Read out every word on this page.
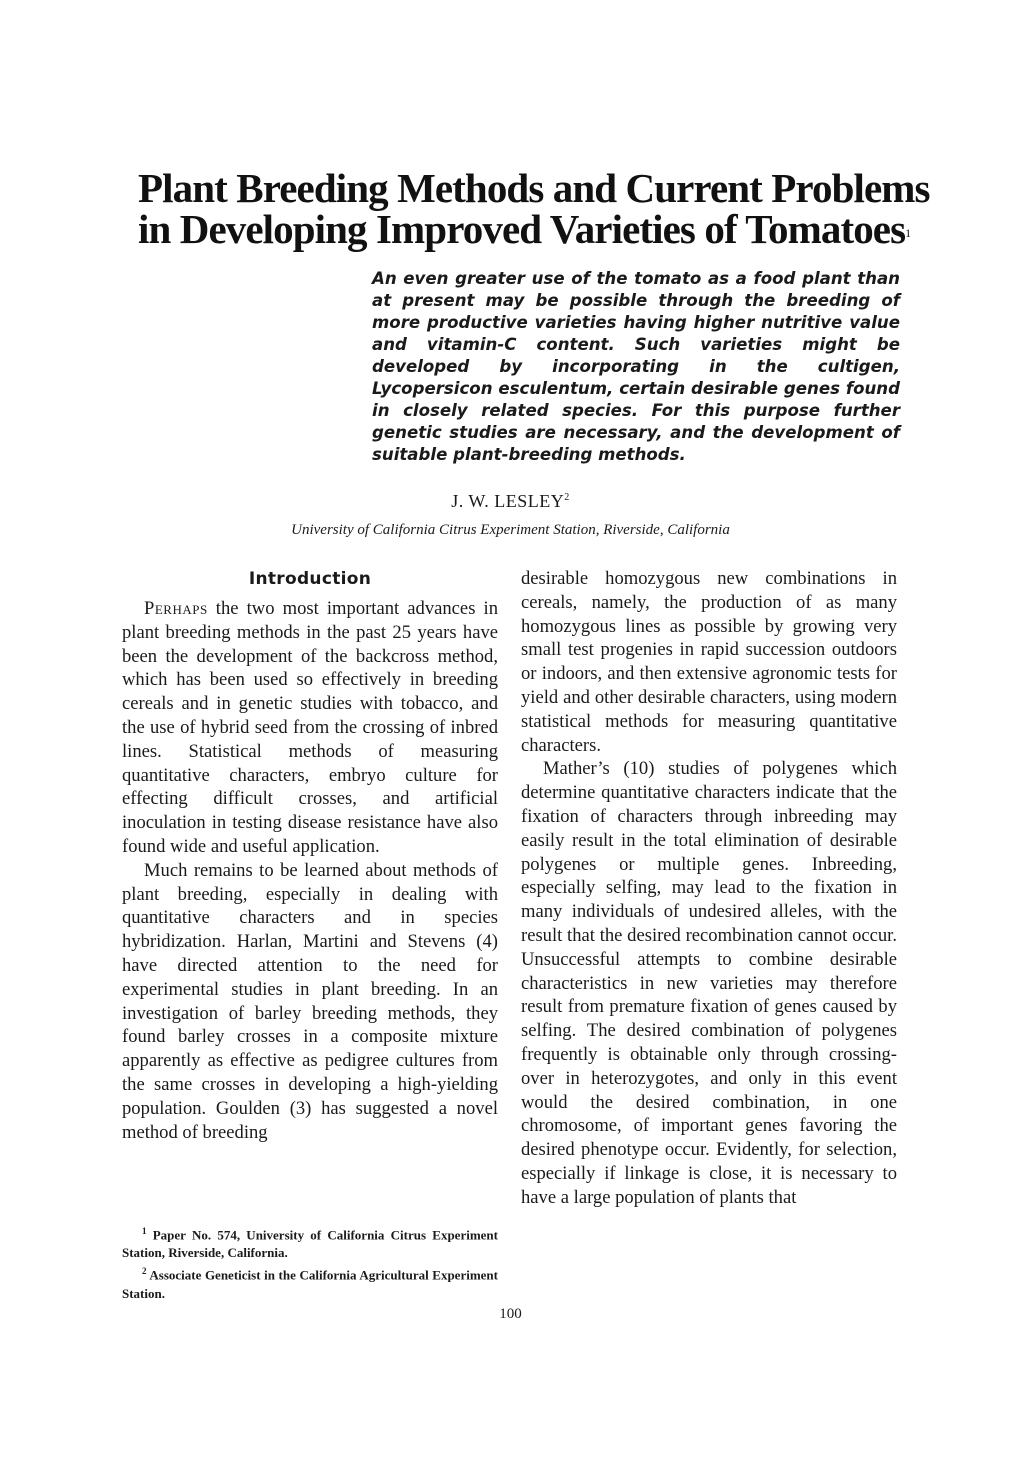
Plant Breeding Methods and Current Problems
in Developing Improved Varieties of Tomatoes$^1$

An even greater use of the tomato as a food plant than at present may be possible through the breeding of more productive varieties having higher nutritive value and vitamin-C content. Such varieties might be developed by incorporating in the cultigen, Lycopersicon esculentum, certain desirable genes found in closely related species. For this purpose further genetic studies are necessary, and the development of suitable plant-breeding methods.

J. W. LESLEY$^2$

University of California Citrus Experiment Station, Riverside, California

Introduction

Perhaps the two most important advances in plant breeding methods in the past 25 years have been the development of the backcross method, which has been used so effectively in breeding cereals and in genetic studies with tobacco, and the use of hybrid seed from the crossing of inbred lines. Statistical methods of measuring quantitative characters, embryo culture for effecting difficult crosses, and artificial inoculation in testing disease resistance have also found wide and useful application.

Much remains to be learned about methods of plant breeding, especially in dealing with quantitative characters and in species hybridization. Harlan, Martini and Stevens (4) have directed attention to the need for experimental studies in plant breeding. In an investigation of barley breeding methods, they found barley crosses in a composite mixture apparently as effective as pedigree cultures from the same crosses in developing a high-yielding population. Goulden (3) has suggested a novel method of breeding

$^1$ Paper No. 574, University of California Citrus Experiment Station, Riverside, California.

$^2$ Associate Geneticist in the California Agricultural Experiment Station.

desirable homozygous new combinations in cereals, namely, the production of as many homozygous lines as possible by growing very small test progenies in rapid succession outdoors or indoors, and then extensive agronomic tests for yield and other desirable characters, using modern statistical methods for measuring quantitative characters.

Mather’s (10) studies of polygenes which determine quantitative characters indicate that the fixation of characters through inbreeding may easily result in the total elimination of desirable polygenes or multiple genes. Inbreeding, especially selfing, may lead to the fixation in many individuals of undesired alleles, with the result that the desired recombination cannot occur. Unsuccessful attempts to combine desirable characteristics in new varieties may therefore result from premature fixation of genes caused by selfing. The desired combination of polygenes frequently is obtainable only through crossing-over in heterozygotes, and only in this event would the desired combination, in one chromosome, of important genes favoring the desired phenotype occur. Evidently, for selection, especially if linkage is close, it is necessary to have a large population of plants that

100
